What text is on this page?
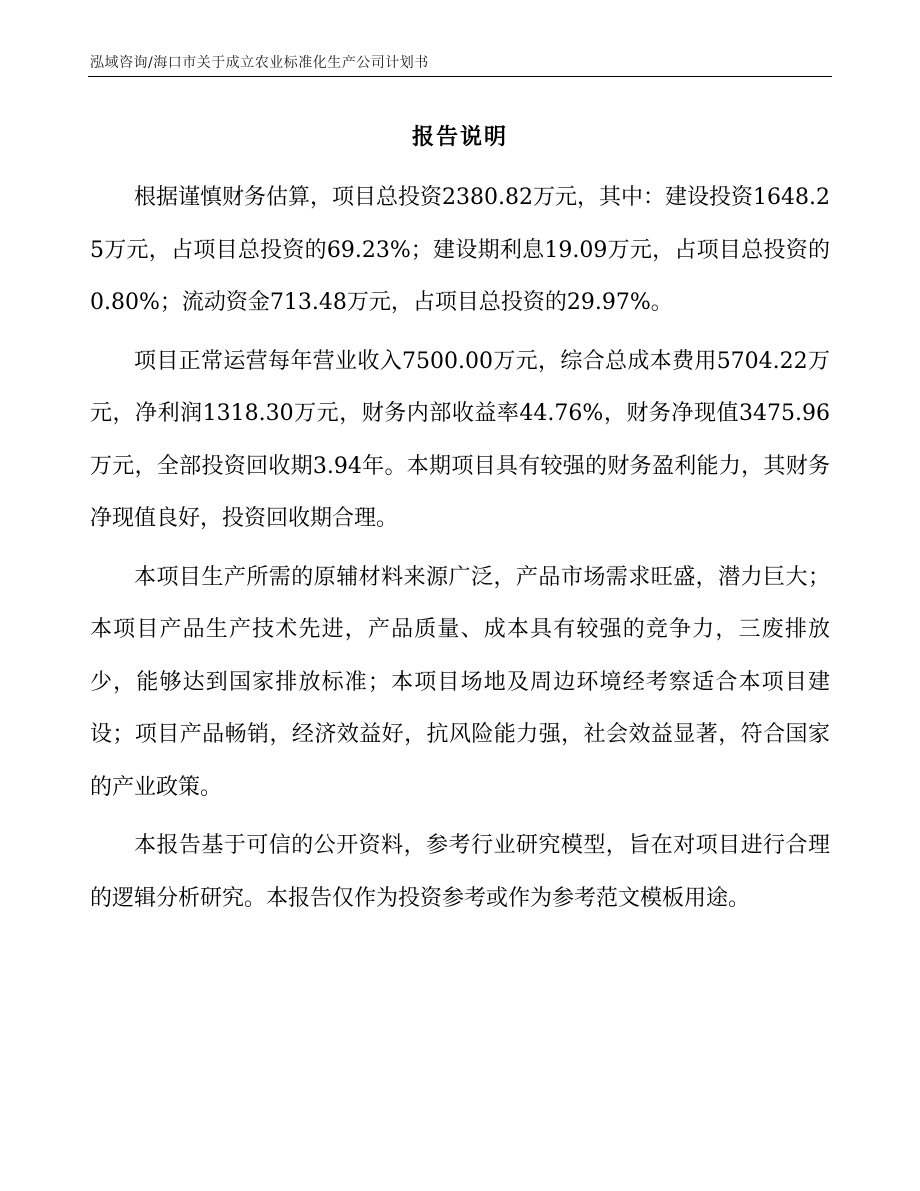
泓域咨询/海口市关于成立农业标准化生产公司计划书
报告说明

根据谨慎财务估算，项目总投资2380.82万元，其中：建设投资1648.25万元，占项目总投资的69.23%；建设期利息19.09万元，占项目总投资的0.80%；流动资金713.48万元，占项目总投资的29.97%。

项目正常运营每年营业收入7500.00万元，综合总成本费用5704.22万元，净利润1318.30万元，财务内部收益率44.76%，财务净现值3475.96万元，全部投资回收期3.94年。本期项目具有较强的财务盈利能力，其财务净现值良好，投资回收期合理。

本项目生产所需的原辅材料来源广泛，产品市场需求旺盛，潜力巨大；本项目产品生产技术先进，产品质量、成本具有较强的竞争力，三废排放少，能够达到国家排放标准；本项目场地及周边环境经考察适合本项目建设；项目产品畅销，经济效益好，抗风险能力强，社会效益显著，符合国家的产业政策。

本报告基于可信的公开资料，参考行业研究模型，旨在对项目进行合理的逻辑分析研究。本报告仅作为投资参考或作为参考范文模板用途。
